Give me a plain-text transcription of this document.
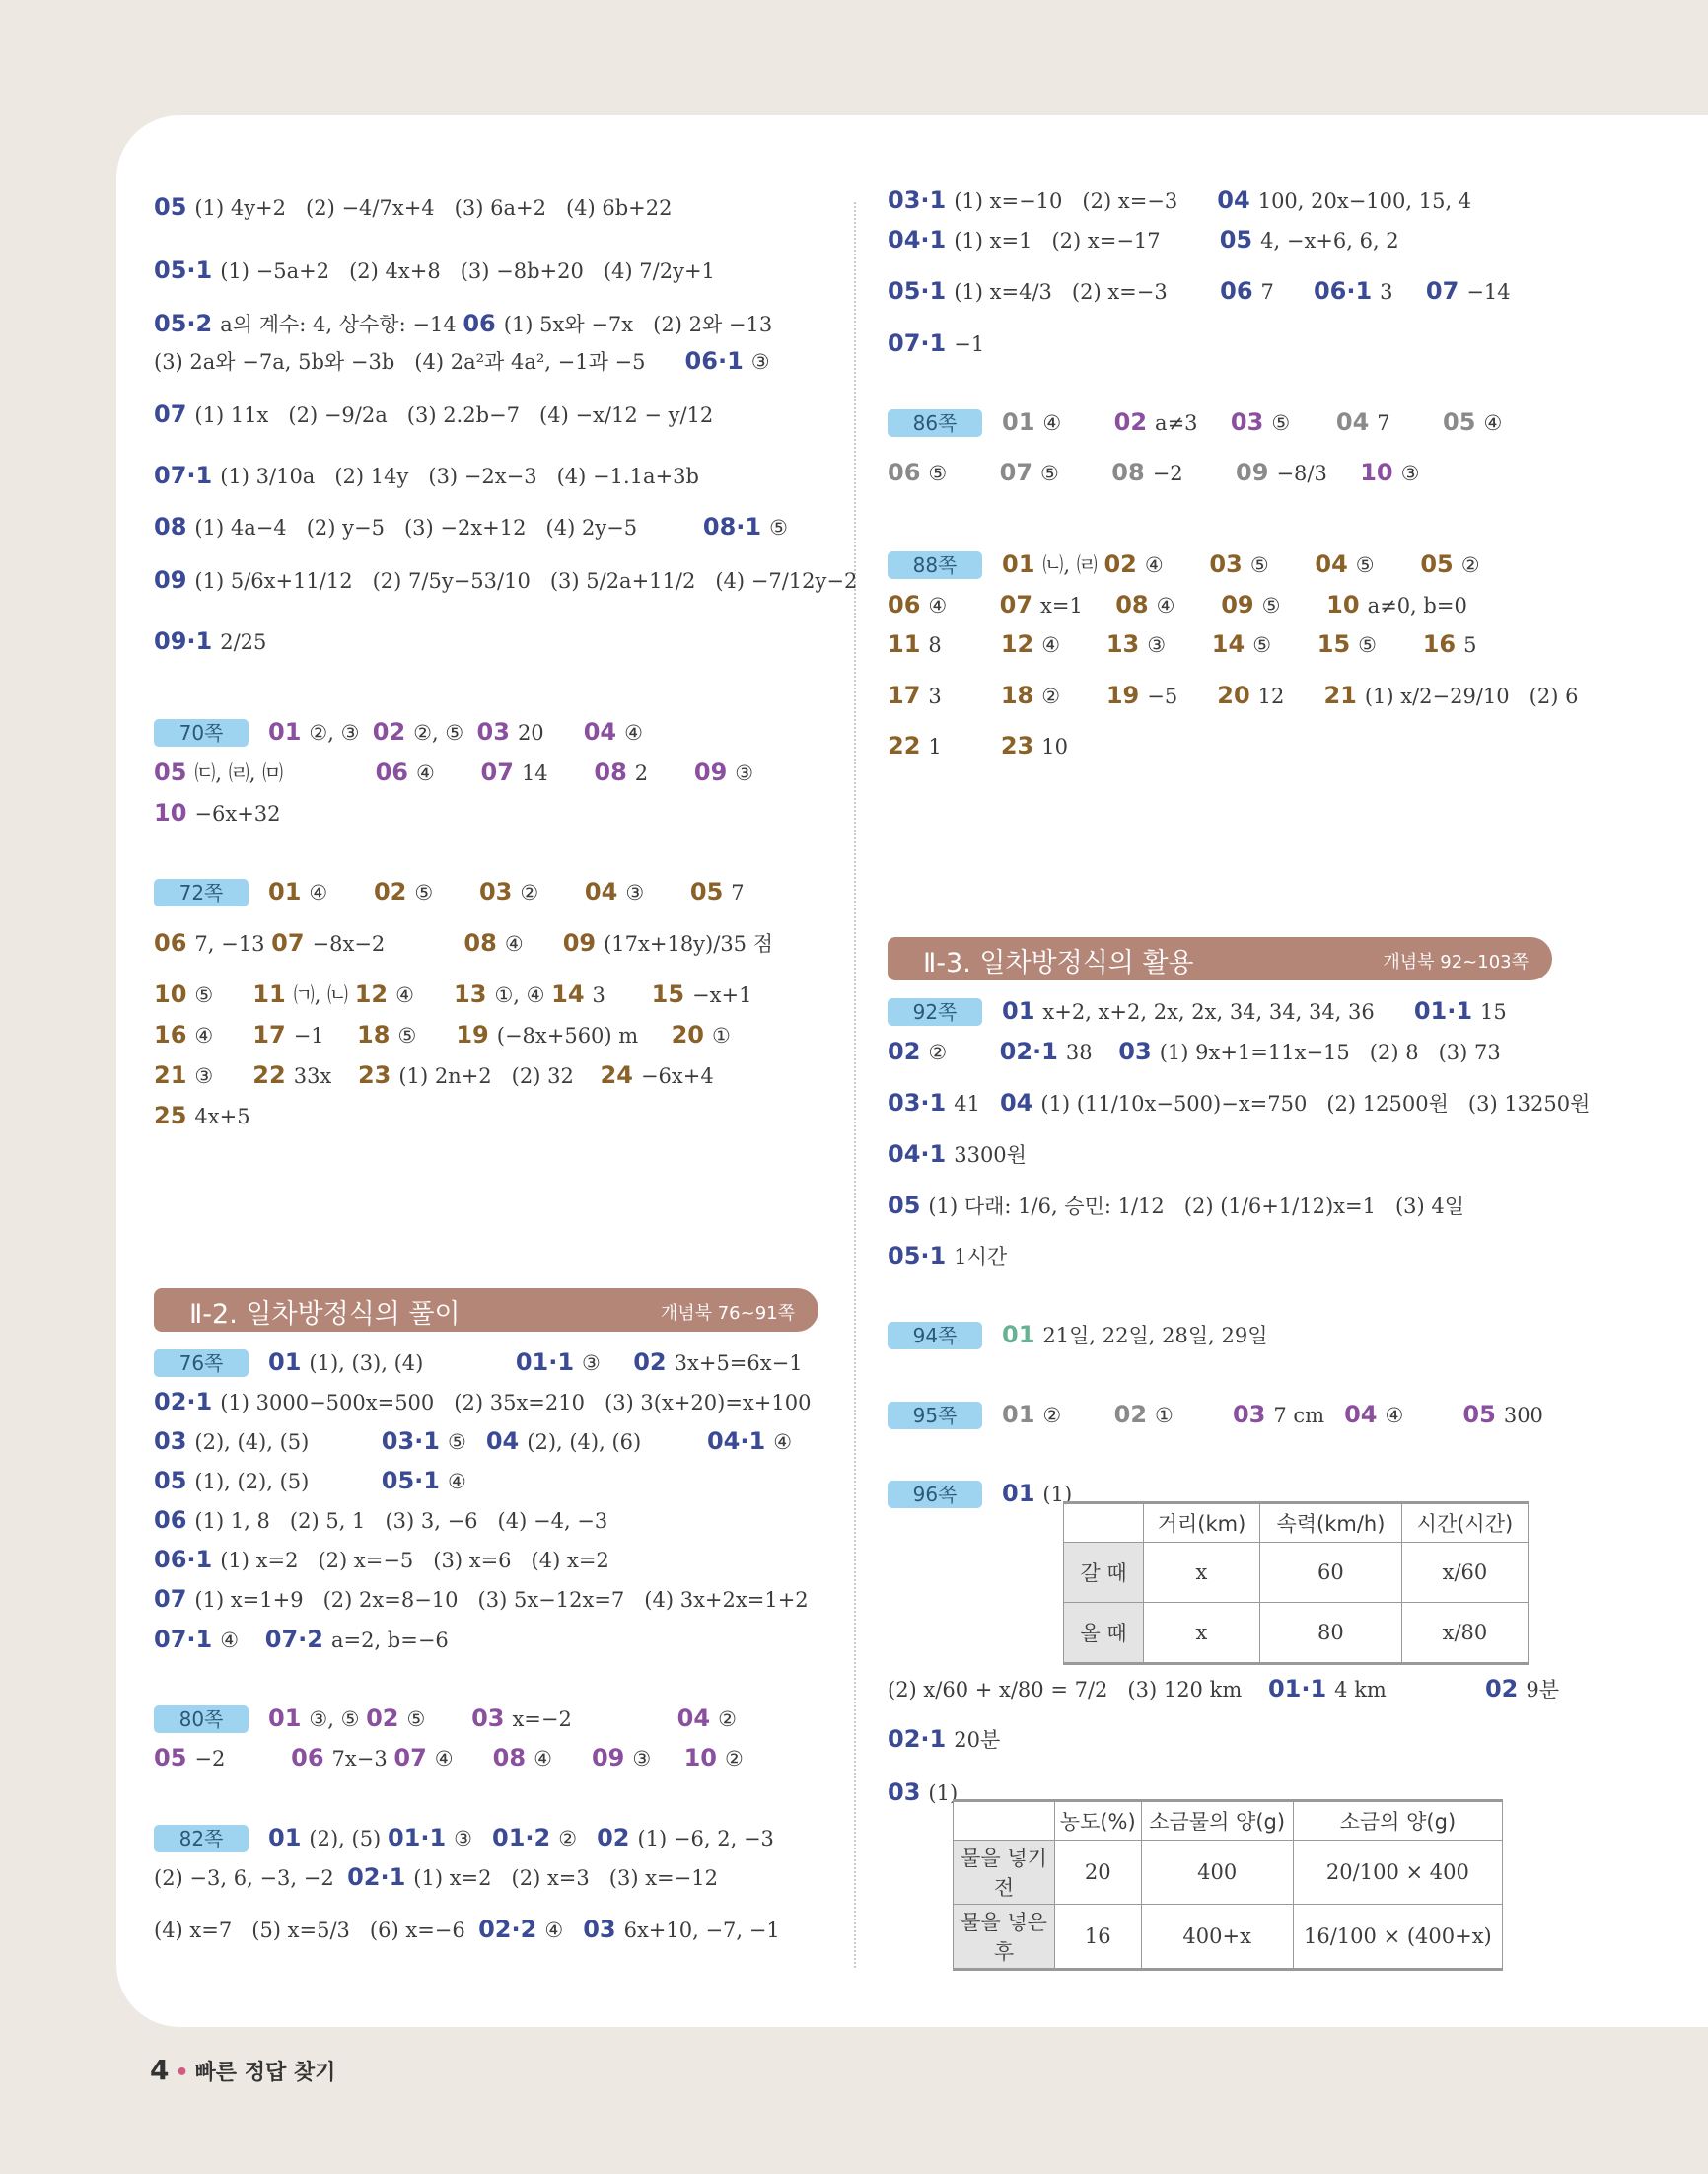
05 (1) 4y+2   (2) −4/7x+4   (3) 6a+2   (4) 6b+22
05·1 (1) −5a+2   (2) 4x+8   (3) −8b+20   (4) 7/2y+1
05·2 a의 계수: 4, 상수항: −14 06 (1) 5x와 −7x   (2) 2와 −13
(3) 2a와 −7a, 5b와 −3b   (4) 2a²과 4a², −1과 −5      06·1 ③
07 (1) 11x   (2) −9/2a   (3) 2.2b−7   (4) −x/12 − y/12
07·1 (1) 3/10a   (2) 14y   (3) −2x−3   (4) −1.1a+3b
08 (1) 4a−4   (2) y−5   (3) −2x+12   (4) 2y−5          08·1 ⑤
09 (1) 5/6x+11/12   (2) 7/5y−53/10   (3) 5/2a+11/2   (4) −7/12y−2
09·1 2/25
70쪽 01 ②, ③  02 ②, ⑤  03 20      04 ④
05 ㈂, ㈃, ㈄              06 ④       07 14       08 2       09 ③
10 −6x+32
72쪽 01 ④       02 ⑤       03 ②       04 ③       05 7
06 7, −13 07 −8x−2            08 ④      09 (17x+18y)/35 점
10 ⑤      11 ㈀, ㈁ 12 ④      13 ①, ④ 14 3       15 −x+1
16 ④      17 −1     18 ⑤      19 (−8x+560) m     20 ①
21 ③      22 33x    23 (1) 2n+2   (2) 32    24 −6x+4
25 4x+5
76쪽 01 (1), (3), (4)              01·1 ③     02 3x+5=6x−1
02·1 (1) 3000−500x=500   (2) 35x=210   (3) 3(x+20)=x+100
03 (2), (4), (5)           03·1 ⑤   04 (2), (4), (6)          04·1 ④
05 (1), (2), (5)           05·1 ④
06 (1) 1, 8   (2) 5, 1   (3) 3, −6   (4) −4, −3
06·1 (1) x=2   (2) x=−5   (3) x=6   (4) x=2
07 (1) x=1+9   (2) 2x=8−10   (3) 5x−12x=7   (4) 3x+2x=1+2
07·1 ④    07·2 a=2, b=−6
80쪽 01 ③, ⑤ 02 ⑤       03 x=−2                04 ②
05 −2          06 7x−3 07 ④      08 ④      09 ③     10 ②
82쪽 01 (2), (5) 01·1 ③   01·2 ②   02 (1) −6, 2, −3
(2) −3, 6, −3, −2  02·1 (1) x=2   (2) x=3   (3) x=−12
(4) x=7   (5) x=5/3   (6) x=−6  02·2 ④   03 6x+10, −7, −1
03·1 (1) x=−10   (2) x=−3      04 100, 20x−100, 15, 4
04·1 (1) x=1   (2) x=−17         05 4, −x+6, 6, 2
05·1 (1) x=4/3   (2) x=−3        06 7      06·1 3     07 −14
07·1 −1
86쪽 01 ④        02 a≠3     03 ⑤       04 7        05 ④
06 ⑤        07 ⑤        08 −2        09 −8/3     10 ③
88쪽 01 ㈁, ㈃ 02 ④       03 ⑤       04 ⑤       05 ②
06 ④        07 x=1     08 ④       09 ⑤       10 a≠0, b=0
11 8         12 ④       13 ③       14 ⑤       15 ⑤       16 5
17 3         18 ②       19 −5      20 12      21 (1) x/2−29/10   (2) 6
22 1         23 10
92쪽 01 x+2, x+2, 2x, 2x, 34, 34, 34, 36      01·1 15
02 ②        02·1 38    03 (1) 9x+1=11x−15   (2) 8   (3) 73
03·1 41   04 (1) (11/10x−500)−x=750   (2) 12500원   (3) 13250원
04·1 3300원
05 (1) 다래: 1/6, 승민: 1/12   (2) (1/6+1/12)x=1   (3) 4일
05·1 1시간
94쪽 01 21일, 22일, 28일, 29일
95쪽 01 ②        02 ①         03 7 cm   04 ④         05 300
96쪽 01 (1)
(2) x/60 + x/80 = 7/2   (3) 120 km    01·1 4 km               02 9분
02·1 20분
03 (1)
Ⅱ-2. 일차방정식의 풀이	개념북 76~91쪽
Ⅱ-3. 일차방정식의 활용	개념북 92~103쪽
	거리(km)	속력(km/h)	시간(시간)
갈 때	x	60	x/60
올 때	x	80	x/80
	농도(%)	소금물의 양(g)	소금의 양(g)
물을 넣기 전	20	400	20/100 × 400
물을 넣은 후	16	400+x	16/100 × (400+x)
4 • 빠른 정답 찾기
